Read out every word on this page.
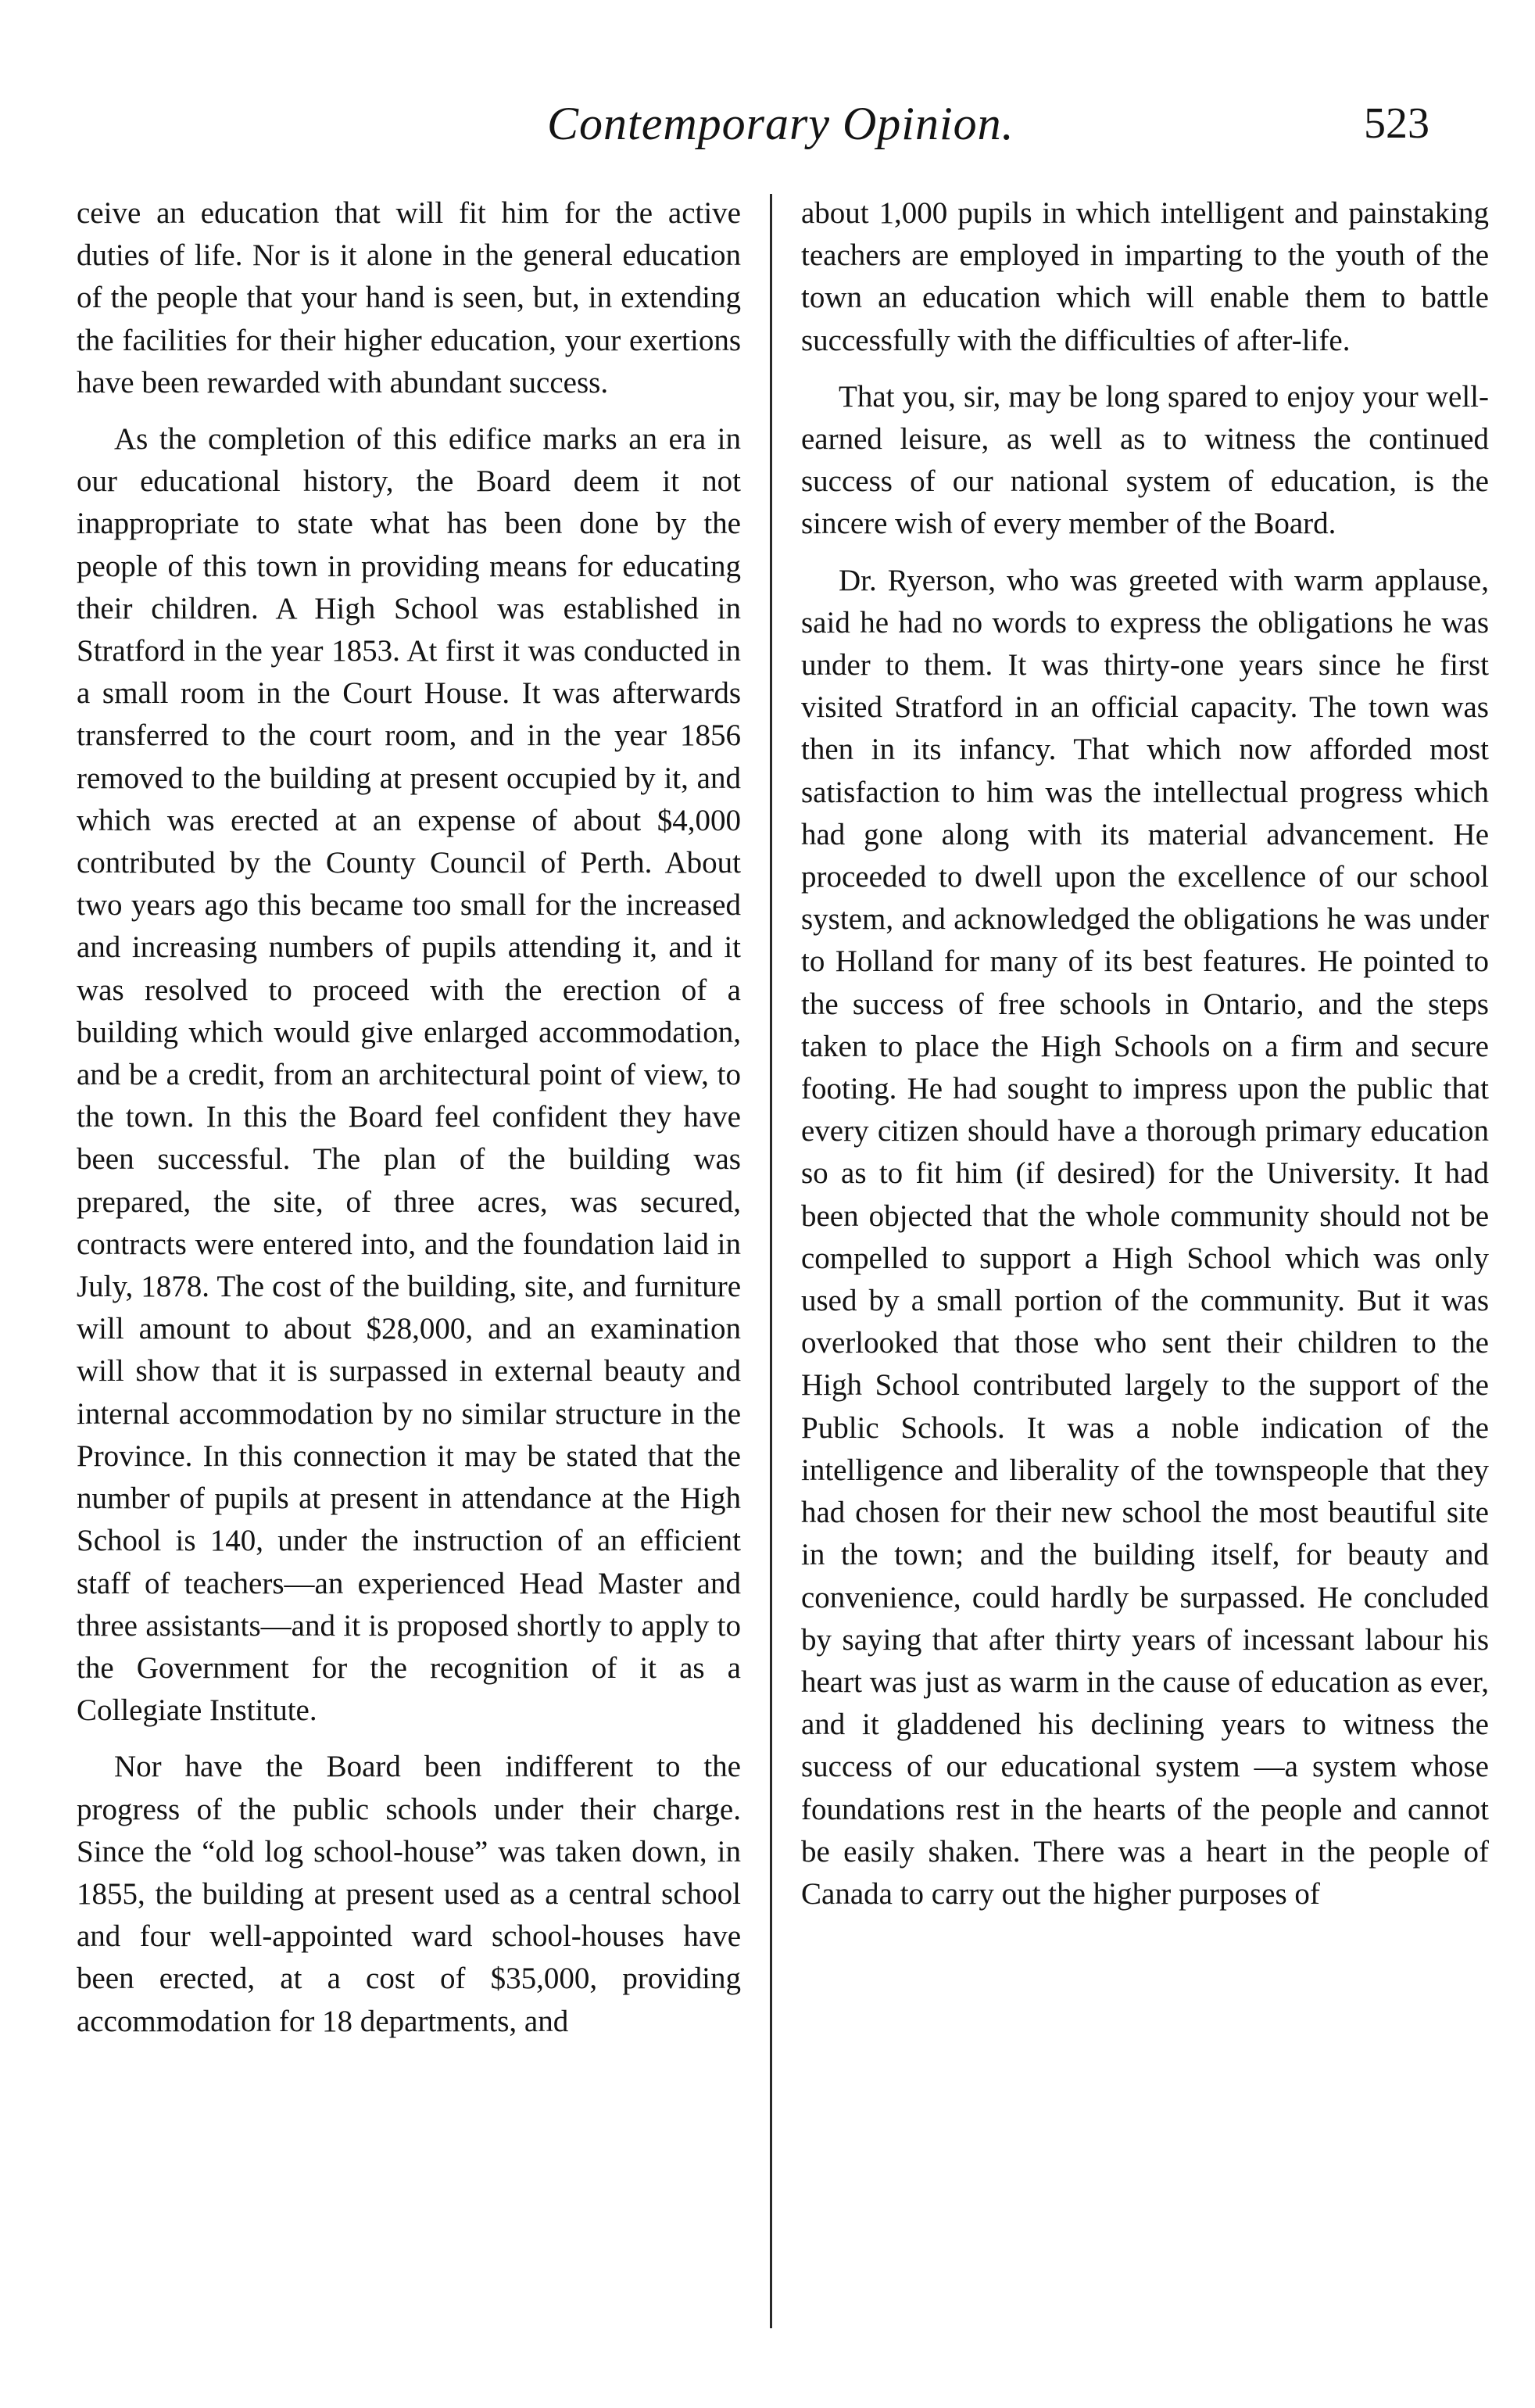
Contemporary Opinion.	523

ceive an education that will fit him for the active duties of life. Nor is it alone in the general education of the people that your hand is seen, but, in extending the facilities for their higher education, your exertions have been rewarded with abundant success.

As the completion of this edifice marks an era in our educational history, the Board deem it not inappropriate to state what has been done by the people of this town in providing means for educating their children. A High School was established in Stratford in the year 1853. At first it was conducted in a small room in the Court House. It was afterwards transferred to the court room, and in the year 1856 removed to the building at present occupied by it, and which was erected at an expense of about $4,000 contributed by the County Council of Perth. About two years ago this became too small for the increased and increasing numbers of pupils attending it, and it was resolved to proceed with the erection of a building which would give enlarged accommodation, and be a credit, from an architectural point of view, to the town. In this the Board feel confident they have been successful. The plan of the building was prepared, the site, of three acres, was secured, contracts were entered into, and the foundation laid in July, 1878. The cost of the building, site, and furniture will amount to about $28,000, and an examination will show that it is surpassed in external beauty and internal accommodation by no similar structure in the Province. In this connection it may be stated that the number of pupils at present in attendance at the High School is 140, under the instruction of an efficient staff of teachers—an experienced Head Master and three assistants—and it is proposed shortly to apply to the Government for the recognition of it as a Collegiate Institute.

Nor have the Board been indifferent to the progress of the public schools under their charge. Since the “old log school-house” was taken down, in 1855, the building at present used as a central school and four well-appointed ward school-houses have been erected, at a cost of $35,000, providing accommodation for 18 departments, and

about 1,000 pupils in which intelligent and painstaking teachers are employed in imparting to the youth of the town an education which will enable them to battle successfully with the difficulties of after-life.

That you, sir, may be long spared to enjoy your well-earned leisure, as well as to witness the continued success of our national system of education, is the sincere wish of every member of the Board.

Dr. Ryerson, who was greeted with warm applause, said he had no words to express the obligations he was under to them. It was thirty-one years since he first visited Stratford in an official capacity. The town was then in its infancy. That which now afforded most satisfaction to him was the intellectual progress which had gone along with its material advancement. He proceeded to dwell upon the excellence of our school system, and acknowledged the obligations he was under to Holland for many of its best features. He pointed to the success of free schools in Ontario, and the steps taken to place the High Schools on a firm and secure footing. He had sought to impress upon the public that every citizen should have a thorough primary education so as to fit him (if desired) for the University. It had been objected that the whole community should not be compelled to support a High School which was only used by a small portion of the community. But it was overlooked that those who sent their children to the High School contributed largely to the support of the Public Schools. It was a noble indication of the intelligence and liberality of the townspeople that they had chosen for their new school the most beautiful site in the town; and the building itself, for beauty and convenience, could hardly be surpassed. He concluded by saying that after thirty years of incessant labour his heart was just as warm in the cause of education as ever, and it gladdened his declining years to witness the success of our educational system —a system whose foundations rest in the hearts of the people and cannot be easily shaken. There was a heart in the people of Canada to carry out the higher purposes of
